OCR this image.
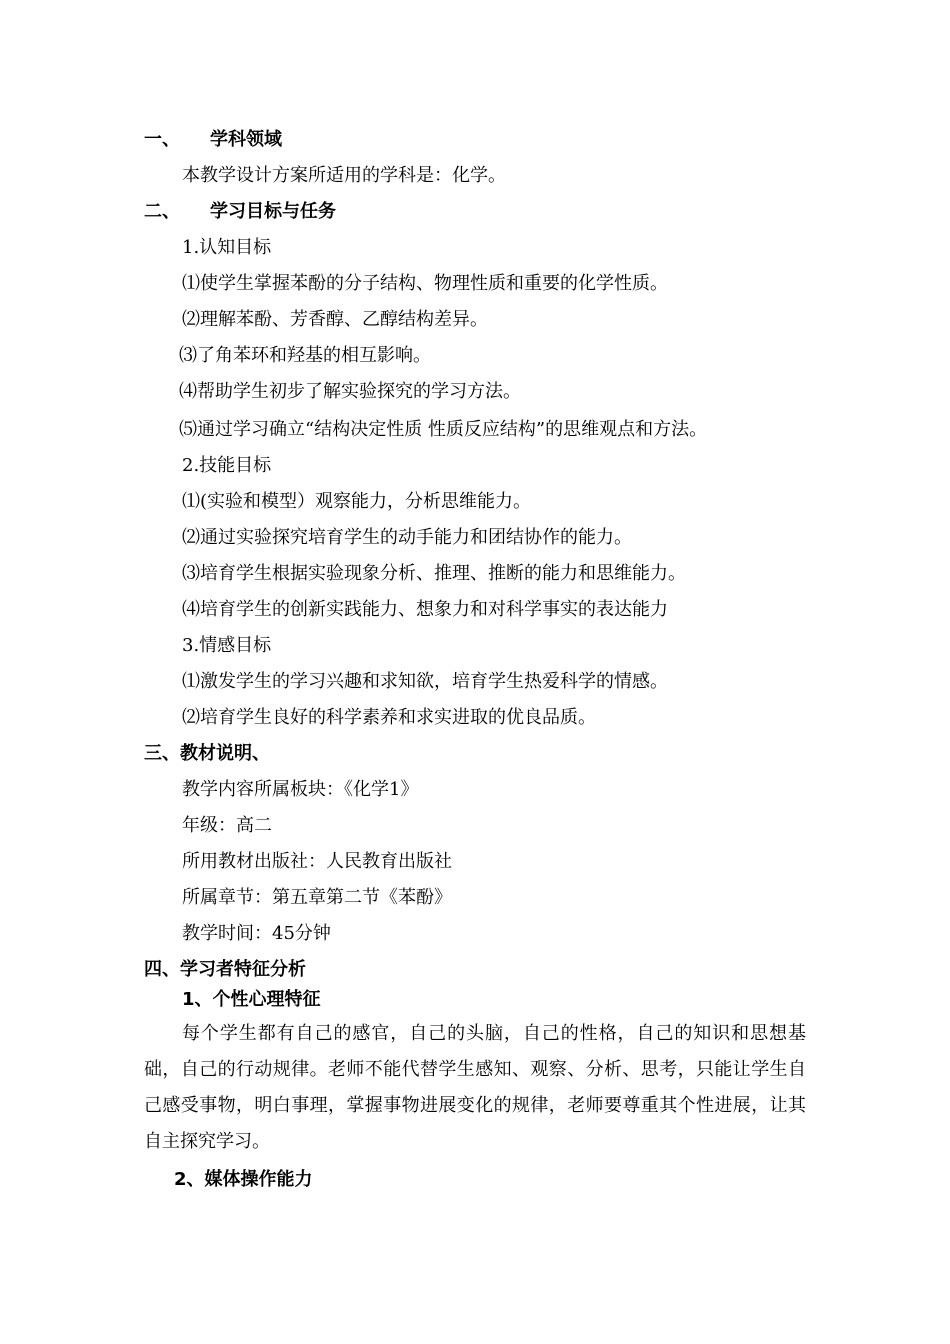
一、 学科领域
本教学设计方案所适用的学科是：化学。
二、 学习目标与任务
1.认知目标
⑴使学生掌握苯酚的分子结构、物理性质和重要的化学性质。
⑵理解苯酚、芳香醇、乙醇结构差异。
⑶了角苯环和羟基的相互影响。
⑷帮助学生初步了解实验探究的学习方法。
⑸通过学习确立“结构决定性质 性质反应结构”的思维观点和方法。
2.技能目标
⑴(实验和模型）观察能力，分析思维能力。
⑵通过实验探究培育学生的动手能力和团结协作的能力。
⑶培育学生根据实验现象分析、推理、推断的能力和思维能力。
⑷培育学生的创新实践能力、想象力和对科学事实的表达能力
3.情感目标
⑴激发学生的学习兴趣和求知欲，培育学生热爱科学的情感。
⑵培育学生良好的科学素养和求实进取的优良品质。
三、教材说明、
教学内容所属板块：《化学1》
年级：高二
所用教材出版社：人民教育出版社
所属章节：第五章第二节《苯酚》
教学时间：45分钟
四、学习者特征分析
1、个性心理特征
每个学生都有自己的感官，自己的头脑，自己的性格，自己的知识和思想基础，自己的行动规律。老师不能代替学生感知、观察、分析、思考，只能让学生自己感受事物，明白事理，掌握事物进展变化的规律，老师要尊重其个性进展，让其自主探究学习。
2、媒体操作能力
